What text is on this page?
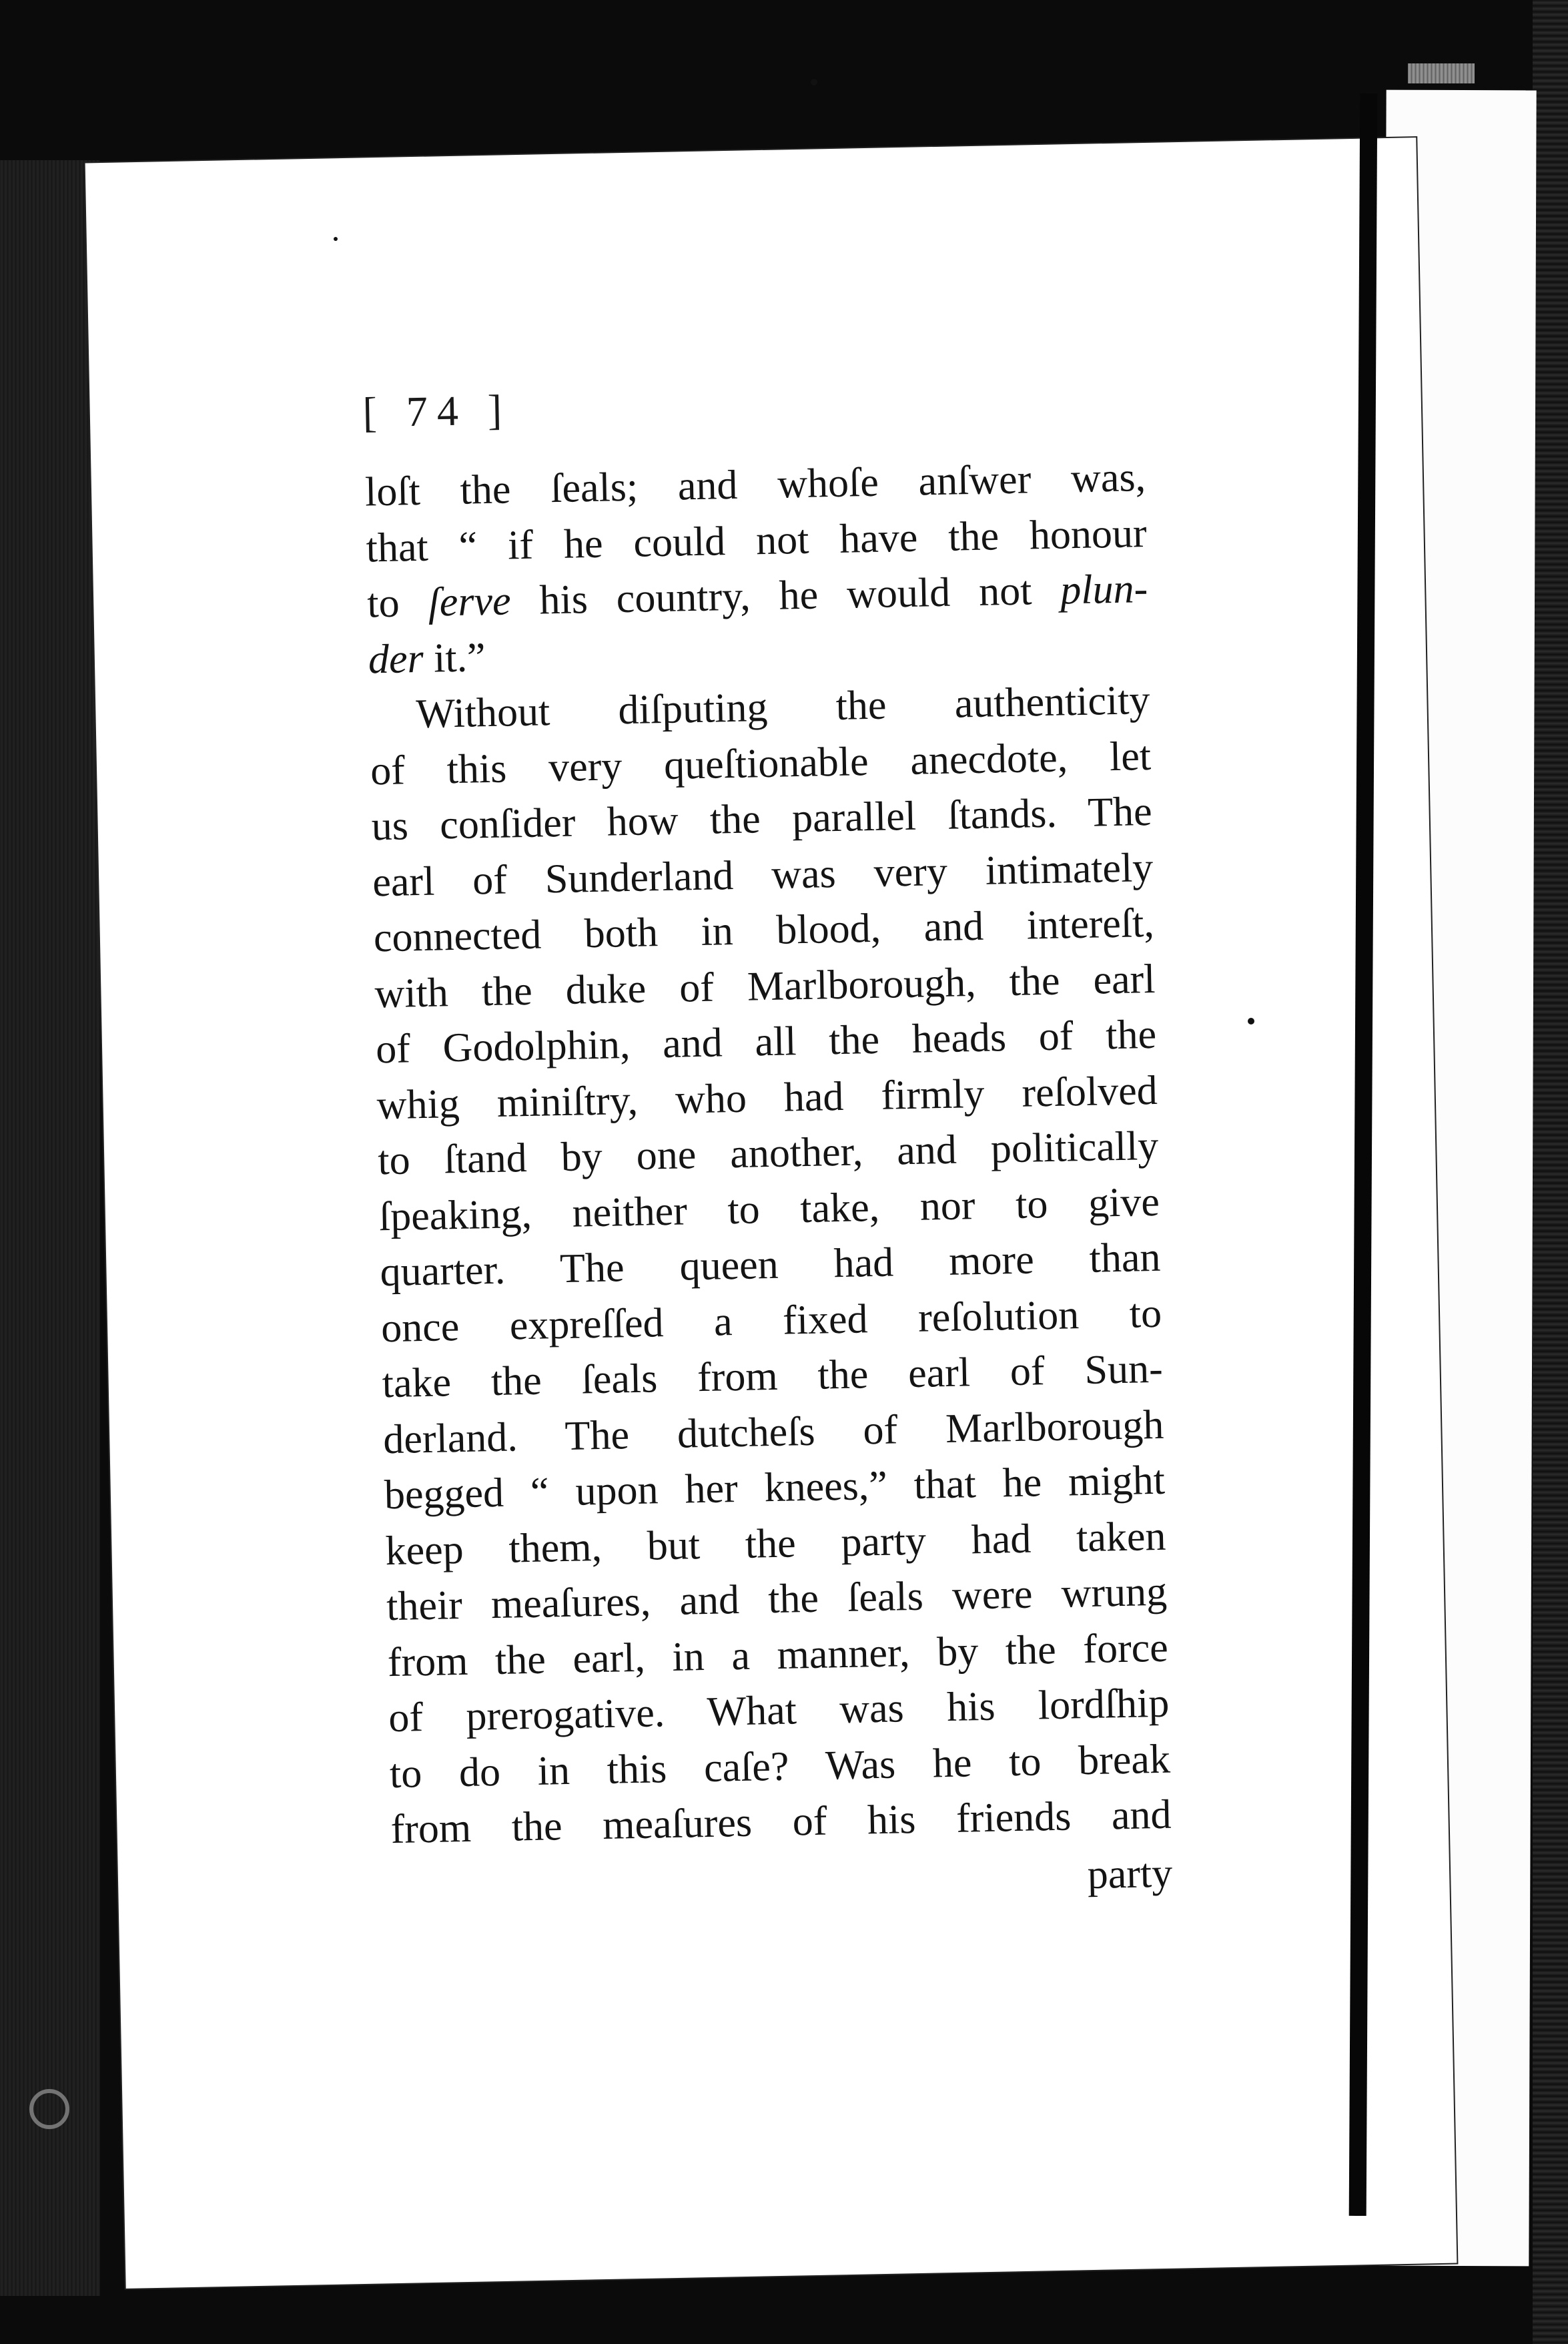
[ 74 ]
loſt the ſeals; and whoſe anſwer was,
that “ if he could not have the honour
to ſerve his country, he would not plun-
der it.”
Without diſputing the authenticity
of this very queſtionable anecdote, let
us conſider how the parallel ſtands. The
earl of Sunderland was very intimately
connected both in blood, and intereſt,
with the duke of Marlborough, the earl
of Godolphin, and all the heads of the
whig miniſtry, who had firmly reſolved
to ſtand by one another, and politically
ſpeaking, neither to take, nor to give
quarter. The queen had more than
once expreſſed a fixed reſolution to
take the ſeals from the earl of Sun-
derland. The dutcheſs of Marlborough
begged “ upon her knees,” that he might
keep them, but the party had taken
their meaſures, and the ſeals were wrung
from the earl, in a manner, by the force
of prerogative. What was his lordſhip
to do in this caſe? Was he to break
from the meaſures of his friends and
party
